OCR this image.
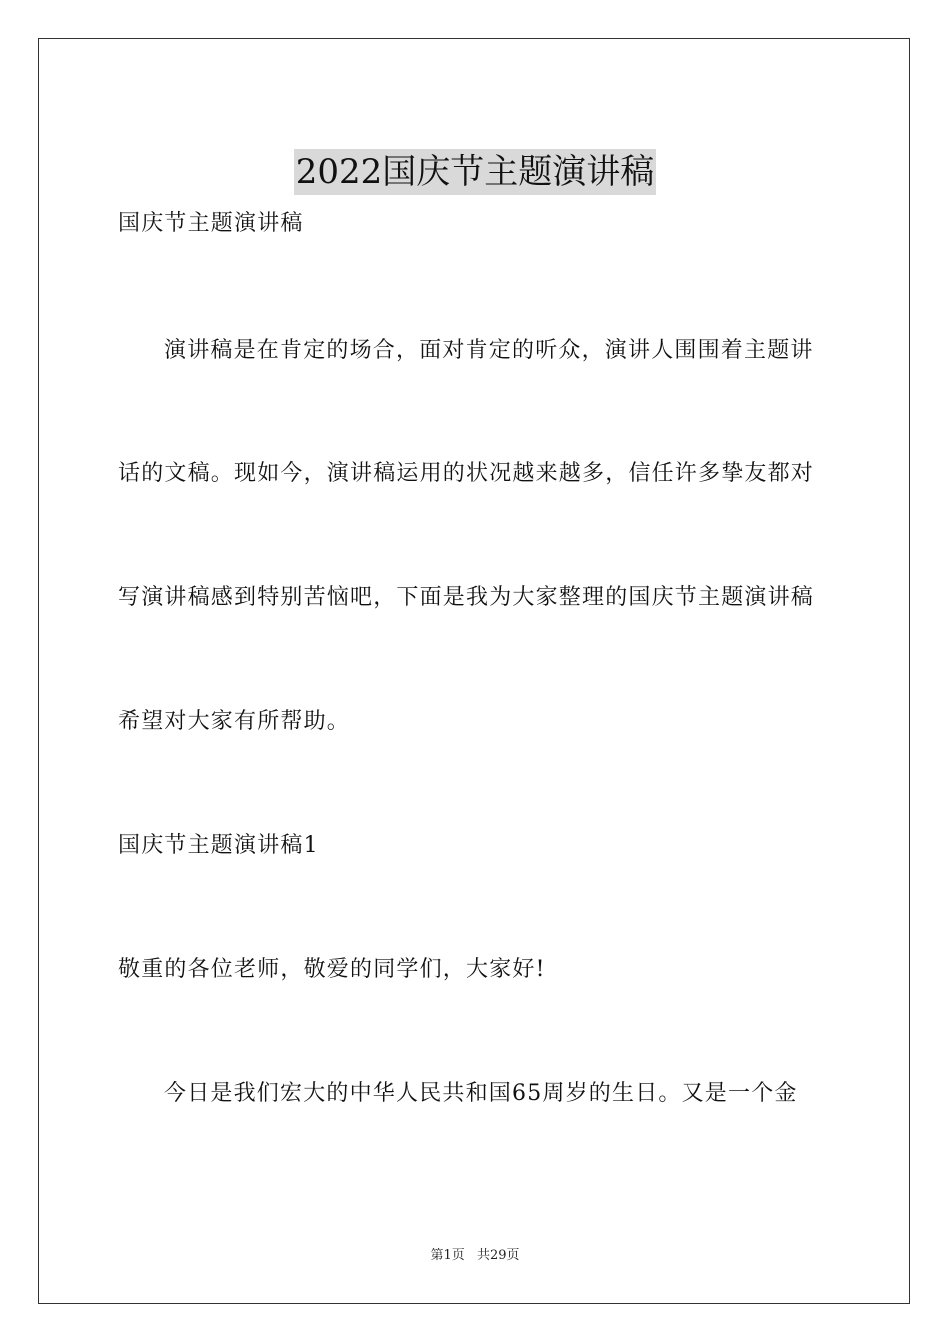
2022国庆节主题演讲稿
国庆节主题演讲稿
演讲稿是在肯定的场合，面对肯定的听众，演讲人围围着主题讲
话的文稿。现如今，演讲稿运用的状况越来越多，信任许多挚友都对
写演讲稿感到特别苦恼吧，下面是我为大家整理的国庆节主题演讲稿
希望对大家有所帮助。
国庆节主题演讲稿1
敬重的各位老师，敬爱的同学们，大家好!
今日是我们宏大的中华人民共和国65周岁的生日。又是一个金
第1页 共29页
